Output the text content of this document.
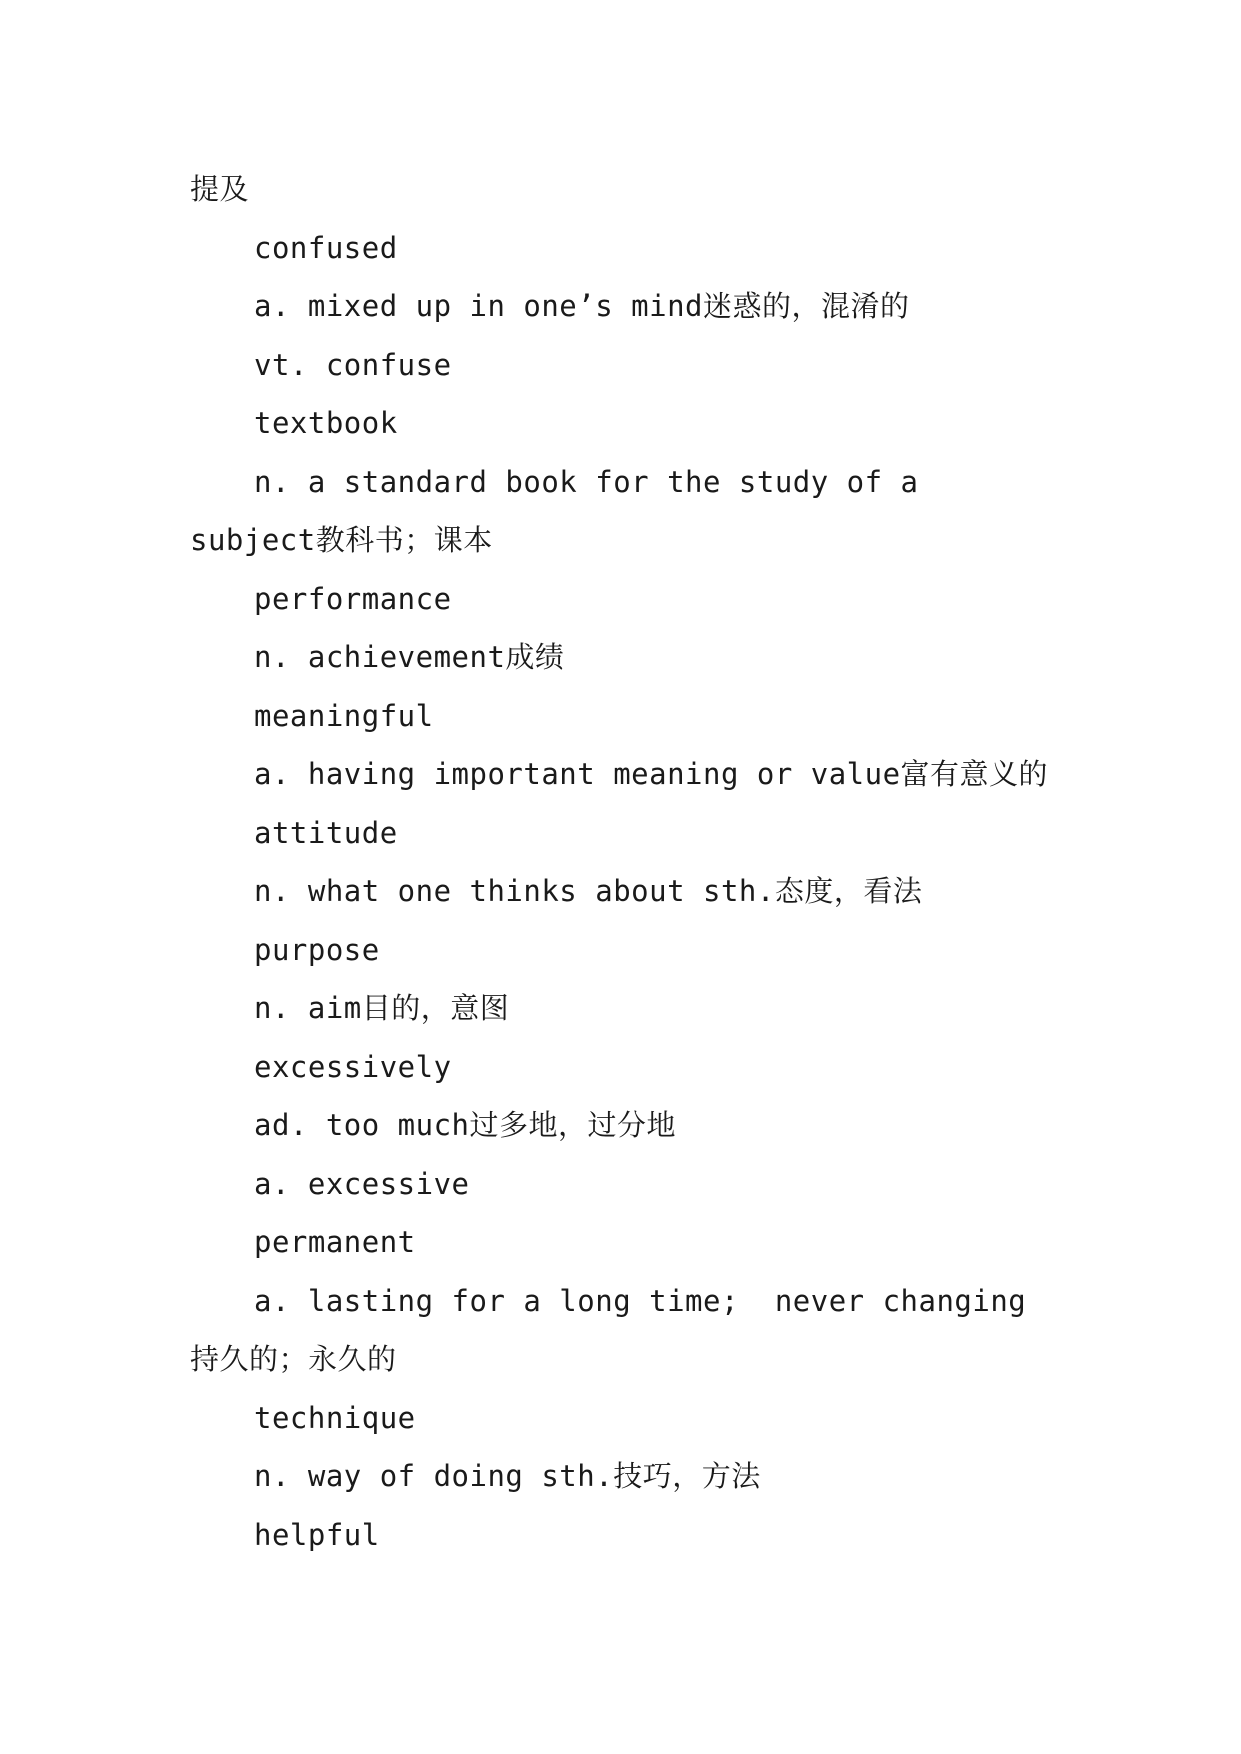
提及
confused
a. mixed up in one’s mind迷惑的，混淆的
vt. confuse
textbook
n. a standard book for the study of a subject教科书；课本
performance
n. achievement成绩
meaningful
a. having important meaning or value富有意义的
attitude
n. what one thinks about sth.态度，看法
purpose
n. aim目的，意图
excessively
ad. too much过多地，过分地
a. excessive
permanent
a. lasting for a long time;  never changing持久的；永久的
technique
n. way of doing sth.技巧，方法
helpful
